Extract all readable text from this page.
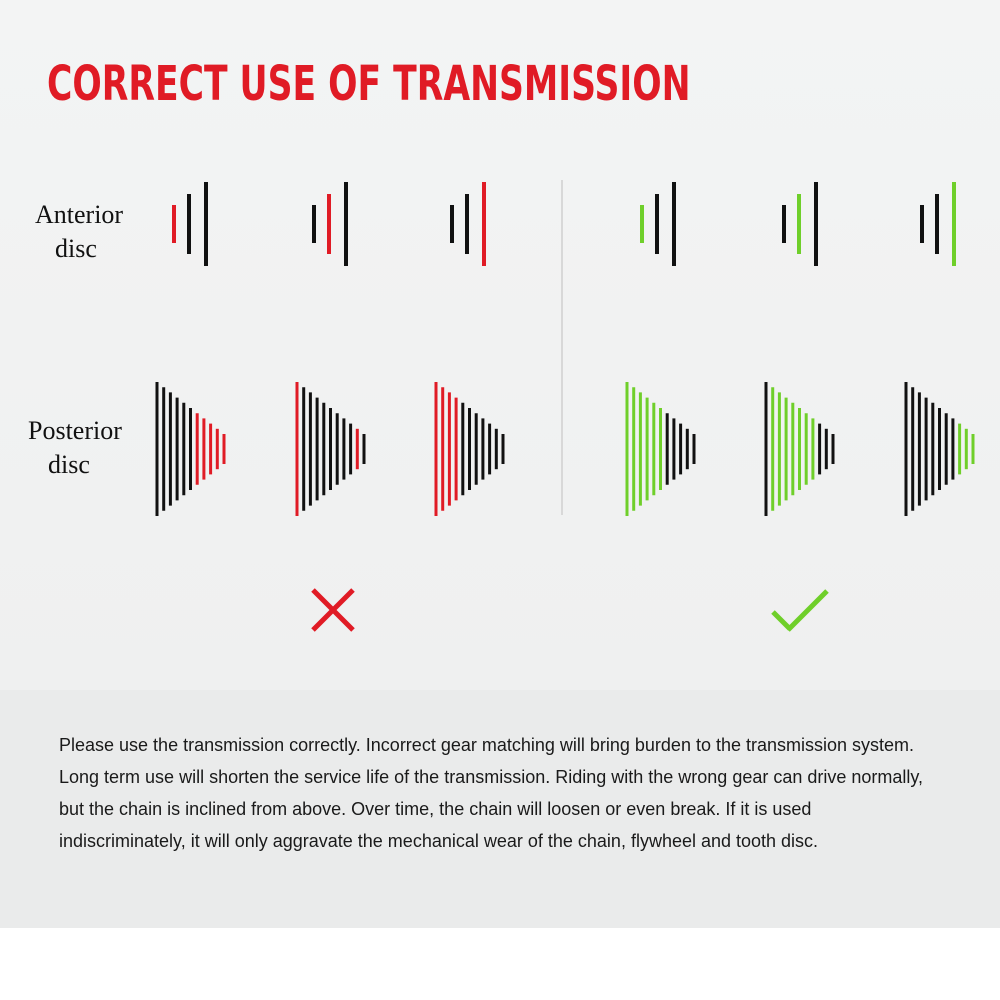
CORRECT USE OF TRANSMISSION
Anterior
disc
Posterior
disc

Please use the transmission correctly. Incorrect gear matching will bring burden to the transmission system. Long term use will shorten the service life of the transmission. Riding with the wrong gear can drive normally, but the chain is inclined from above. Over time, the chain will loosen or even break. If it is used indiscriminately, it will only aggravate the mechanical wear of the chain, flywheel and tooth disc.
